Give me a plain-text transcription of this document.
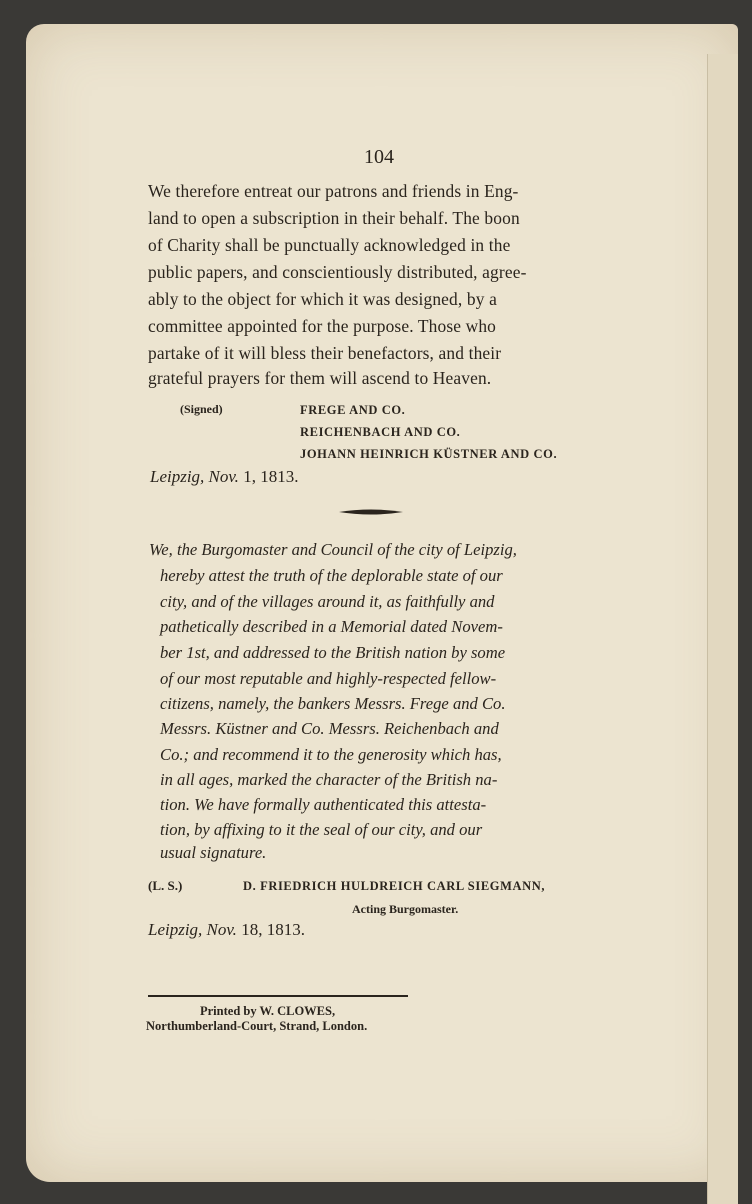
104
We therefore entreat our patrons and friends in Eng-
land to open a subscription in their behalf. The boon
of Charity shall be punctually acknowledged in the
public papers, and conscientiously distributed, agree-
ably to the object for which it was designed, by a
committee appointed for the purpose. Those who
partake of it will bless their benefactors, and their
grateful prayers for them will ascend to Heaven.
(Signed)	FREGE AND CO.
REICHENBACH AND CO.
JOHANN HEINRICH KÜSTNER AND CO.
Leipzig, Nov. 1, 1813.
We, the Burgomaster and Council of the city of Leipzig,
hereby attest the truth of the deplorable state of our
city, and of the villages around it, as faithfully and
pathetically described in a Memorial dated Novem-
ber 1st, and addressed to the British nation by some
of our most reputable and highly-respected fellow-
citizens, namely, the bankers Messrs. Frege and Co.
Messrs. Küstner and Co. Messrs. Reichenbach and
Co.; and recommend it to the generosity which has,
in all ages, marked the character of the British na-
tion. We have formally authenticated this attesta-
tion, by affixing to it the seal of our city, and our
usual signature.
(L. S.)	D. FRIEDRICH HULDREICH CARL SIEGMANN,
Acting Burgomaster.
Leipzig, Nov. 18, 1813.
Printed by W. CLOWES,
Northumberland-Court, Strand, London.
